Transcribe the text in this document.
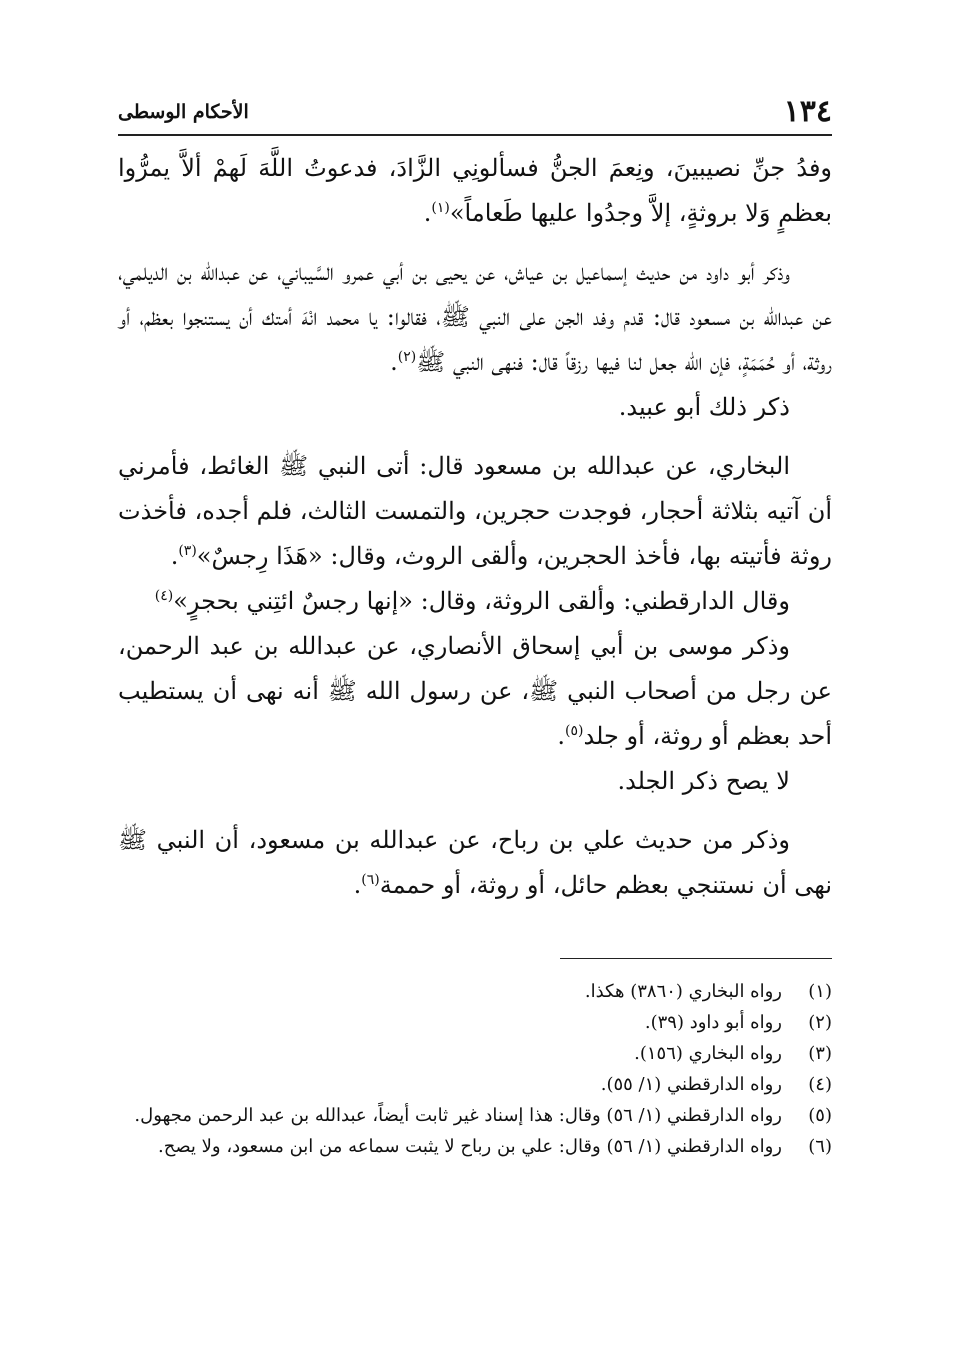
١٣٤
الأحكام الوسطى

وفدُ جنِّ نصيبينَ، ونِعمَ الجنُّ فسألونِي الزَّادَ، فدعوتُ اللَّهَ لَهمْ ألاَّ يمرُّوا بعظمٍ وَلا بروثةٍ، إلاَّ وجدُوا عليها طَعاماً»$^{(١)}$.

وذكر أبو داود من حديث إسماعيل بن عياش، عن يحيى بن أبي عمرو السَّيباني، عن عبدالله بن الديلمي، عن عبدالله بن مسعود قال: قدم وفد الجن على النبي ﷺ، فقالوا: يا محمد انْهَ أمتك أن يستنجوا بعظم، أو روثة، أو حُمَمَةٍ، فإن الله جعل لنا فيها رزقاً قال: فنهى النبي ﷺ$^{(٢)}$.

ذكر ذلك أبو عبيد.

البخاري، عن عبدالله بن مسعود قال: أتى النبي ﷺ الغائط، فأمرني أن آتيه بثلاثة أحجار، فوجدت حجرين، والتمست الثالث، فلم أجده، فأخذت روثة فأتيته بها، فأخذ الحجرين، وألقى الروث، وقال: «هَذَا رِجسٌ»$^{(٣)}$.

وقال الدارقطني: وألقى الروثة، وقال: «إنها رجسٌ ائتِني بحجرٍ»$^{(٤)}$

وذكر موسى بن أبي إسحاق الأنصاري، عن عبدالله بن عبد الرحمن، عن رجل من أصحاب النبي ﷺ، عن رسول الله ﷺ أنه نهى أن يستطيب أحد بعظم أو روثة، أو جلد$^{(٥)}$.

لا يصح ذكر الجلد.

وذكر من حديث علي بن رباح، عن عبدالله بن مسعود، أن النبي ﷺ نهى أن نستنجي بعظم حائل، أو روثة، أو حممة$^{(٦)}$.

(١)
رواه البخاري (٣٨٦٠) هكذا.
(٢)
رواه أبو داود (٣٩).
(٣)
رواه البخاري (١٥٦).
(٤)
رواه الدارقطني (١/ ٥٥).
(٥)
رواه الدارقطني (١/ ٥٦) وقال: هذا إسناد غير ثابت أيضاً، عبدالله بن عبد الرحمن مجهول.
(٦)
رواه الدارقطني (١/ ٥٦) وقال: علي بن رباح لا يثبت سماعه من ابن مسعود، ولا يصح.
